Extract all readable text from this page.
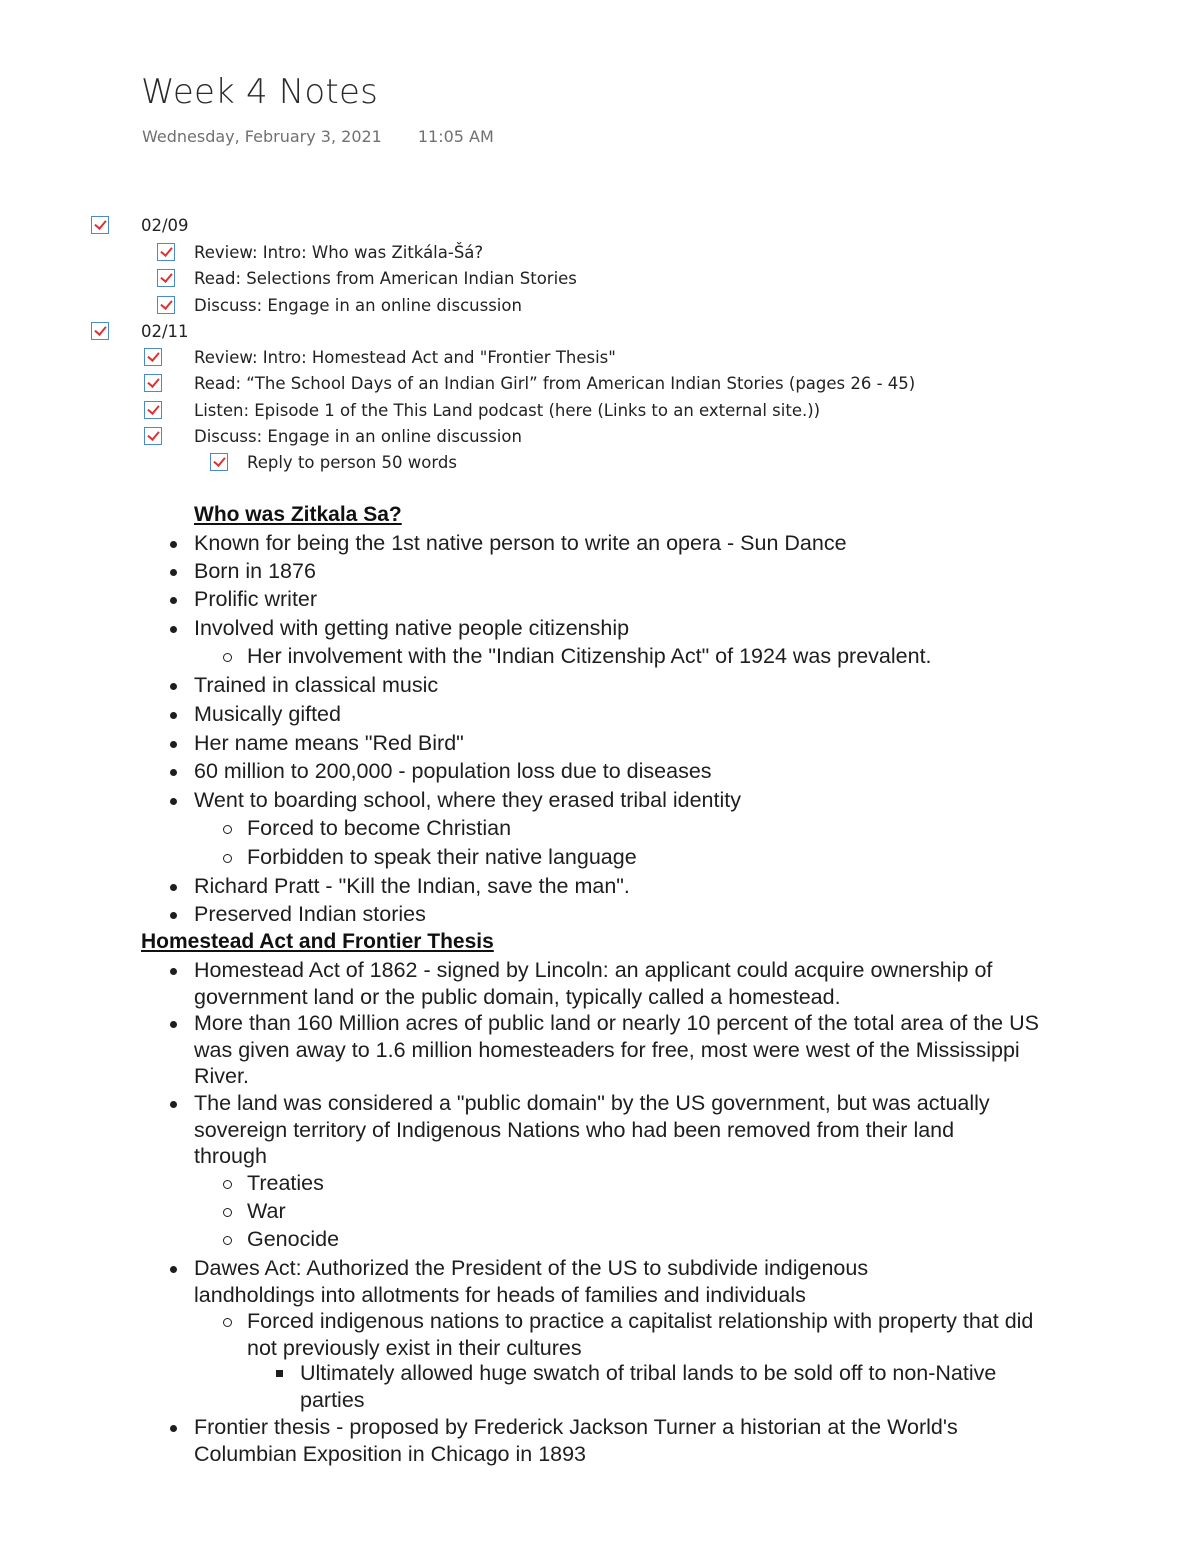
Week 4 Notes
Wednesday, February 3, 2021 11:05 AM
02/09
Review: Intro: Who was Zitkála-Šá?
Read: Selections from American Indian Stories
Discuss: Engage in an online discussion
02/11
Review: Intro: Homestead Act and "Frontier Thesis"
Read: “The School Days of an Indian Girl” from American Indian Stories (pages 26 - 45)
Listen: Episode 1 of the This Land podcast (here (Links to an external site.))
Discuss: Engage in an online discussion
Reply to person 50 words
Who was Zitkala Sa?
Known for being the 1st native person to write an opera - Sun Dance
Born in 1876
Prolific writer
Involved with getting native people citizenship
Her involvement with the "Indian Citizenship Act" of 1924 was prevalent.
Trained in classical music
Musically gifted
Her name means "Red Bird"
60 million to 200,000 - population loss due to diseases
Went to boarding school, where they erased tribal identity
Forced to become Christian
Forbidden to speak their native language
Richard Pratt - "Kill the Indian, save the man".
Preserved Indian stories
Homestead Act and Frontier Thesis
Homestead Act of 1862 - signed by Lincoln: an applicant could acquire ownership of government land or the public domain, typically called a homestead.
More than 160 Million acres of public land or nearly 10 percent of the total area of the US was given away to 1.6 million homesteaders for free, most were west of the Mississippi River.
The land was considered a "public domain" by the US government, but was actually sovereign territory of Indigenous Nations who had been removed from their land through
Treaties
War
Genocide
Dawes Act: Authorized the President of the US to subdivide indigenous landholdings into allotments for heads of families and individuals
Forced indigenous nations to practice a capitalist relationship with property that did not previously exist in their cultures
Ultimately allowed huge swatch of tribal lands to be sold off to non-Native parties
Frontier thesis - proposed by Frederick Jackson Turner a historian at the World's Columbian Exposition in Chicago in 1893
